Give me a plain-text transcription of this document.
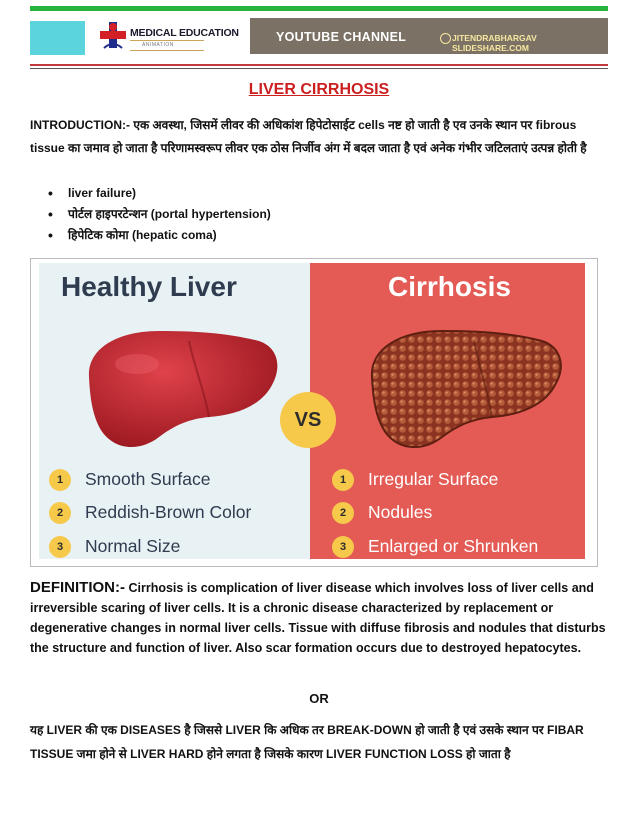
MEDICAL EDUCATION
ANIMATION
YOUTUBE CHANNEL	JITENDRABHARGAV SLIDESHARE.COM
LIVER CIRRHOSIS
INTRODUCTION:- एक अवस्था, जिसमें लीवर की अधिकांश हिपेटोसाईट cells नष्ट हो जाती है एव उनके स्थान पर fibrous tissue का जमाव हो जाता है परिणामस्वरूप लीवर एक ठोस निर्जीव अंग में बदल जाता है एवं अनेक गंभीर जटिलताएं उत्पन्न होती है
• liver failure)
• पोर्टल हाइपरटेन्शन (portal hypertension)
• हिपेटिक कोमा (hepatic coma)
Healthy Liver
1 Smooth Surface
2 Reddish-Brown Color
3 Normal Size
Cirrhosis
1 Irregular Surface
2 Nodules
3 Enlarged or Shrunken
VS
DEFINITION:- Cirrhosis is complication of liver disease which involves loss of liver cells and irreversible scaring of liver cells. It is a chronic disease characterized by replacement or degenerative changes in normal liver cells. Tissue with diffuse fibrosis and nodules that disturbs the structure and function of liver. Also scar formation occurs due to destroyed hepatocytes.
OR
यह LIVER की एक DISEASES है जिससे LIVER कि अधिक तर BREAK-DOWN हो जाती है एवं उसके स्थान पर FIBAR TISSUE जमा होने से LIVER HARD होने लगता है जिसके कारण LIVER FUNCTION LOSS हो जाता है
